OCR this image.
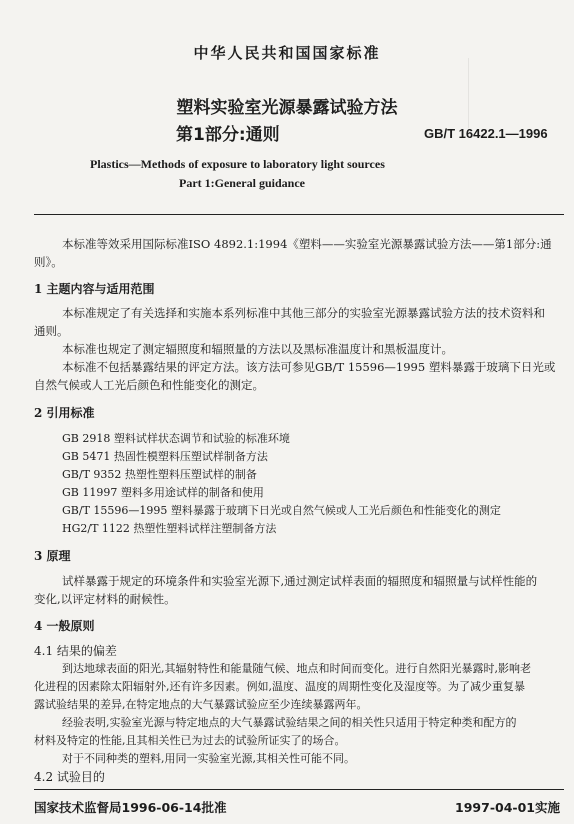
中华人民共和国国家标准
塑料实验室光源暴露试验方法
第1部分:通则	GB/T 16422.1—1996
Plastics—Methods of exposure to laboratory light sources
Part 1:General guidance
本标准等效采用国际标准ISO 4892.1:1994《塑料——实验室光源暴露试验方法——第1部分:通
则》。
1 主题内容与适用范围
本标准规定了有关选择和实施本系列标准中其他三部分的实验室光源暴露试验方法的技术资料和
通则。
本标准也规定了测定辐照度和辐照量的方法以及黑标准温度计和黑板温度计。
本标准不包括暴露结果的评定方法。该方法可参见GB/T 15596—1995 塑料暴露于玻璃下日光或
自然气候或人工光后颜色和性能变化的测定。
2 引用标准
GB 2918 塑料试样状态调节和试验的标准环境
GB 5471 热固性模塑料压塑试样制备方法
GB/T 9352 热塑性塑料压塑试样的制备
GB 11997 塑料多用途试样的制备和使用
GB/T 15596—1995 塑料暴露于玻璃下日光或自然气候或人工光后颜色和性能变化的测定
HG2/T 1122 热塑性塑料试样注塑制备方法
3 原理
试样暴露于规定的环境条件和实验室光源下,通过测定试样表面的辐照度和辐照量与试样性能的
变化,以评定材料的耐候性。
4 一般原则
4.1 结果的偏差
到达地球表面的阳光,其辐射特性和能量随气候、地点和时间而变化。进行自然阳光暴露时,影响老
化进程的因素除太阳辐射外,还有许多因素。例如,温度、温度的周期性变化及湿度等。为了减少重复暴
露试验结果的差异,在特定地点的大气暴露试验应至少连续暴露两年。
经验表明,实验室光源与特定地点的大气暴露试验结果之间的相关性只适用于特定种类和配方的
材料及特定的性能,且其相关性已为过去的试验所证实了的场合。
对于不同种类的塑料,用同一实验室光源,其相关性可能不同。
4.2 试验目的
国家技术监督局1996-06-14批准	1997-04-01实施
